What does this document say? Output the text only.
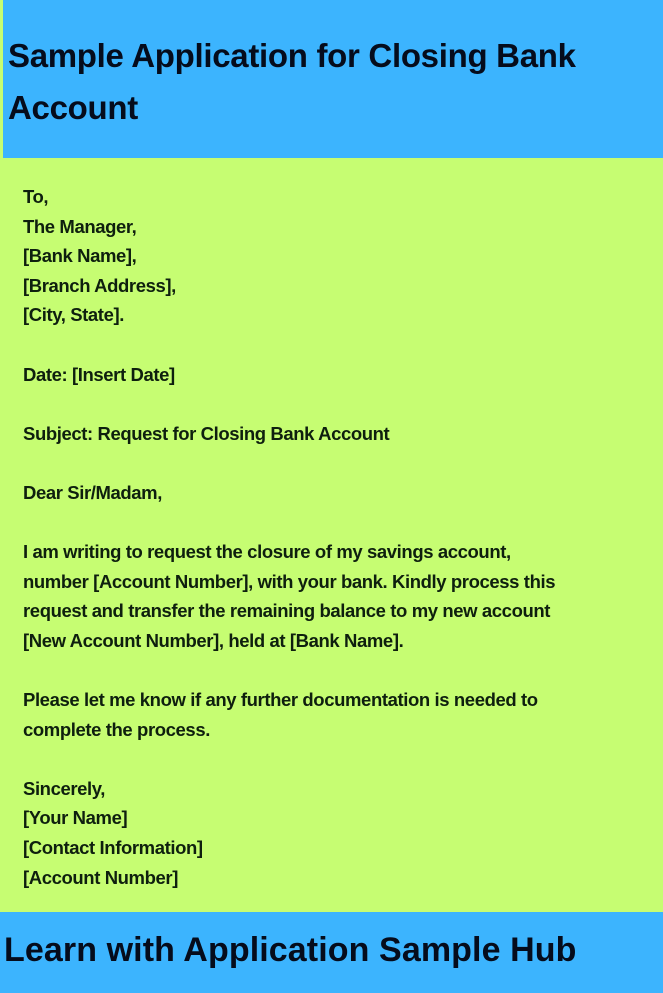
Sample Application for Closing Bank Account
To,
The Manager,
[Bank Name],
[Branch Address],
[City, State].
Date: [Insert Date]
Subject: Request for Closing Bank Account
Dear Sir/Madam,
I am writing to request the closure of my savings account,
number [Account Number], with your bank. Kindly process this
request and transfer the remaining balance to my new account
[New Account Number], held at [Bank Name].
Please let me know if any further documentation is needed to
complete the process.
Sincerely,
[Your Name]
[Contact Information]
[Account Number]
Learn with Application Sample Hub
